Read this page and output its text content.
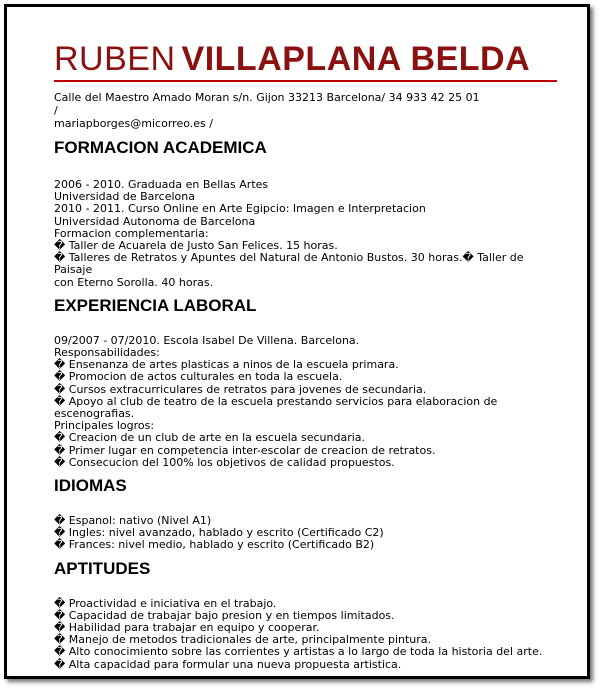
RUBEN VILLAPLANA BELDA
Calle del Maestro Amado Moran s/n. Gijon 33213 Barcelona/ 34 933 42 25 01 /
mariapborges@micorreo.es /
FORMACION ACADEMICA
2006 - 2010. Graduada en Bellas Artes
Universidad de Barcelona
2010 - 2011. Curso Online en Arte Egipcio: Imagen e Interpretacion
Universidad Autonoma de Barcelona
Formacion complementaria:
� Taller de Acuarela de Justo San Felices. 15 horas.
� Talleres de Retratos y Apuntes del Natural de Antonio Bustos. 30 horas.� Taller de Paisaje
con Eterno Sorolla. 40 horas.
EXPERIENCIA LABORAL
09/2007 - 07/2010. Escola Isabel De Villena. Barcelona.
Responsabilidades:
� Ensenanza de artes plasticas a ninos de la escuela primara.
� Promocion de actos culturales en toda la escuela.
� Cursos extracurriculares de retratos para jovenes de secundaria.
� Apoyo al club de teatro de la escuela prestando servicios para elaboracion de
escenografias.
Principales logros:
� Creacion de un club de arte en la escuela secundaria.
� Primer lugar en competencia inter-escolar de creacion de retratos.
� Consecucion del 100% los objetivos de calidad propuestos.
IDIOMAS
� Espanol: nativo (Nivel A1)
� Ingles: nivel avanzado, hablado y escrito (Certificado C2)
� Frances: nivel medio, hablado y escrito (Certificado B2)
APTITUDES
� Proactividad e iniciativa en el trabajo.
� Capacidad de trabajar bajo presion y en tiempos limitados.
� Habilidad para trabajar en equipo y cooperar.
� Manejo de metodos tradicionales de arte, principalmente pintura.
� Alto conocimiento sobre las corrientes y artistas a lo largo de toda la historia del arte.
� Alta capacidad para formular una nueva propuesta artistica.
